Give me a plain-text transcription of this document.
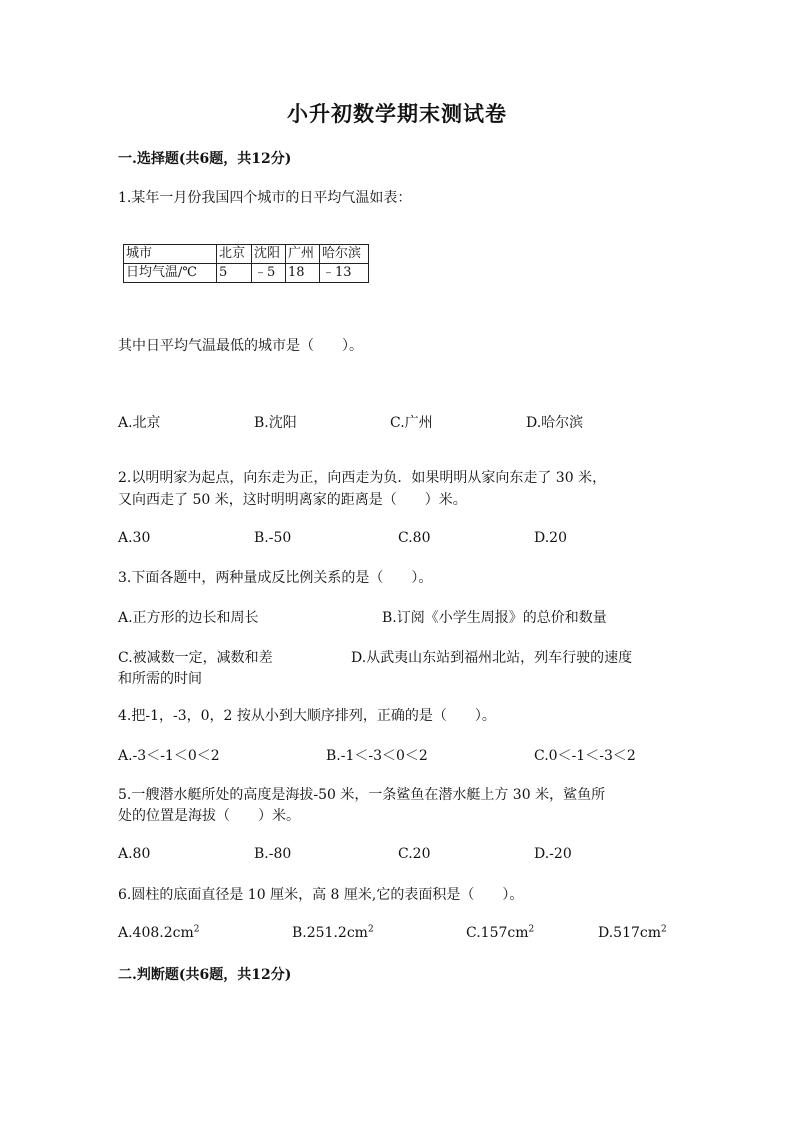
小升初数学期末测试卷
一.选择题(共6题，共12分)
1.某年一月份我国四个城市的日平均气温如表：
城市	北京	沈阳	广州	哈尔滨
日均气温/℃	5	﹣5	18	﹣13
其中日平均气温最低的城市是（　　）。
A.北京	B.沈阳	C.广州	D.哈尔滨
2.以明明家为起点，向东走为正，向西走为负．如果明明从家向东走了 30 米，
又向西走了 50 米，这时明明离家的距离是（　　）米。
A.30	B.-50	C.80	D.20
3.下面各题中，两种量成反比例关系的是（　　）。
A.正方形的边长和周长	B.订阅《小学生周报》的总价和数量
C.被减数一定，减数和差	D.从武夷山东站到福州北站，列车行驶的速度
和所需的时间
4.把-1，-3，0，2 按从小到大顺序排列，正确的是（　　）。
A.-3＜-1＜0＜2	B.-1＜-3＜0＜2	C.0＜-1＜-3＜2
5.一艘潜水艇所处的高度是海拔-50 米，一条鲨鱼在潜水艇上方 30 米，鲨鱼所
处的位置是海拔（　　）米。
A.80	B.-80	C.20	D.-20
6.圆柱的底面直径是 10 厘米，高 8 厘米,它的表面积是（　　）。
$A.408.2cm^2$	$B.251.2cm^2$	$C.157cm^2$	$D.517cm^2$
二.判断题(共6题，共12分)
